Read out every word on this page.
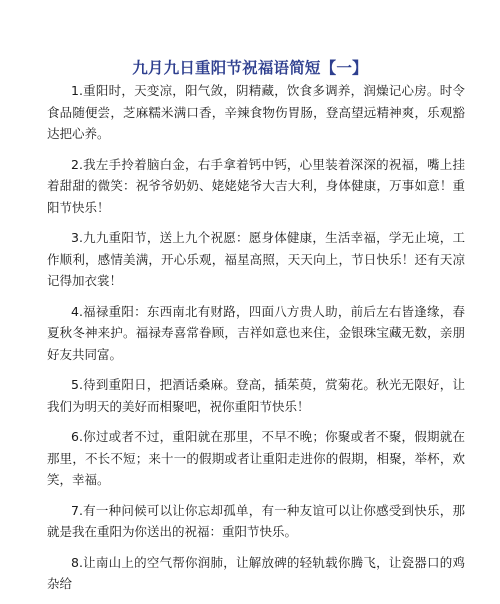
九月九日重阳节祝福语简短【一】

1.重阳时，天变凉，阳气敛，阴精藏，饮食多调养，润燥记心房。时令食品随便尝，芝麻糯米满口香，辛辣食物伤胃肠，登高望远精神爽，乐观豁达把心养。

2.我左手拎着脑白金，右手拿着钙中钙，心里装着深深的祝福，嘴上挂着甜甜的微笑：祝爷爷奶奶、姥姥姥爷大吉大利，身体健康，万事如意！重阳节快乐！

3.九九重阳节，送上九个祝愿：愿身体健康，生活幸福，学无止境，工作顺利，感情美满，开心乐观，福星高照，天天向上，节日快乐！还有天凉记得加衣裳！

4.福禄重阳：东西南北有财路，四面八方贵人助，前后左右皆逢缘，春夏秋冬神来护。福禄寿喜常眷顾，吉祥如意也来住，金银珠宝藏无数，亲朋好友共同富。

5.待到重阳日，把酒话桑麻。登高，插茱萸，赏菊花。秋光无限好，让我们为明天的美好而相聚吧，祝你重阳节快乐！

6.你过或者不过，重阳就在那里，不早不晚；你聚或者不聚，假期就在那里，不长不短；来十一的假期或者让重阳走进你的假期，相聚，举杯，欢笑，幸福。

7.有一种问候可以让你忘却孤单，有一种友谊可以让你感受到快乐，那就是我在重阳为你送出的祝福：重阳节快乐。

8.让南山上的空气帮你润肺，让解放碑的轻轨载你腾飞，让瓷器口的鸡杂给
